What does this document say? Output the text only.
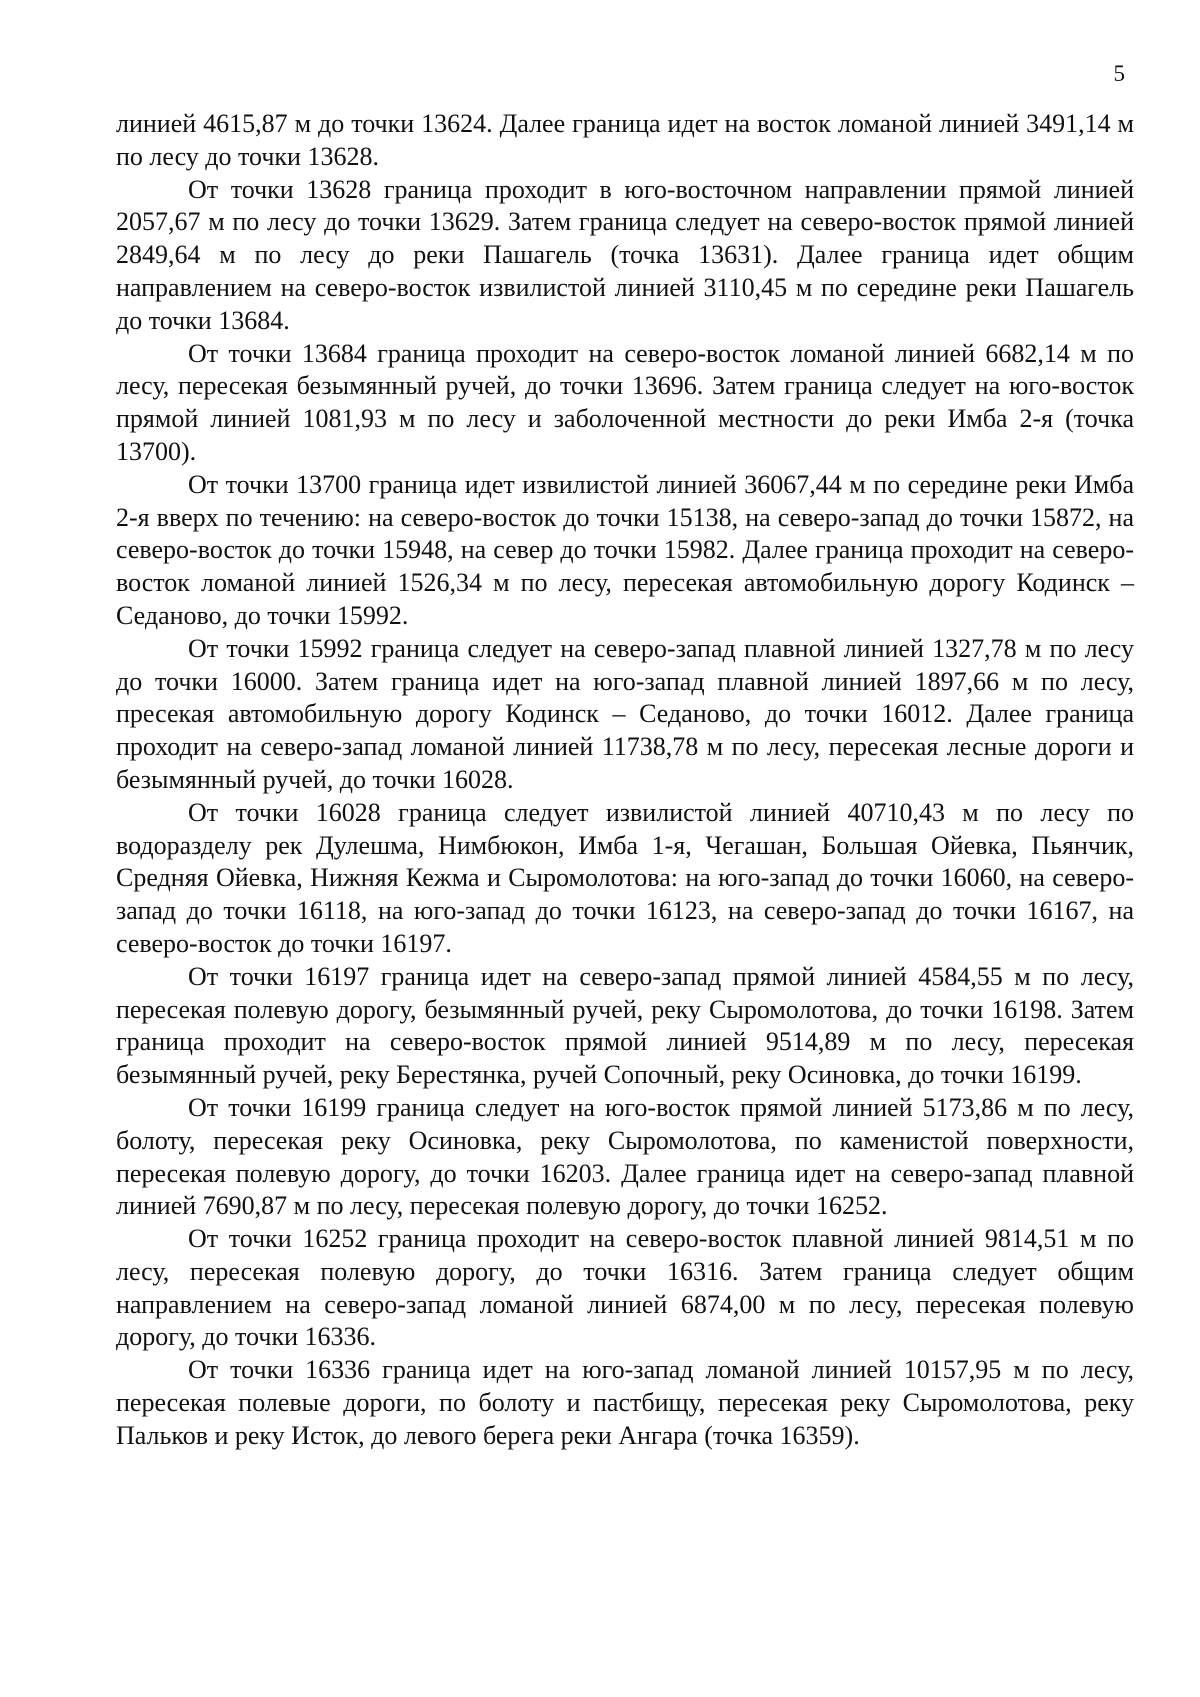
5

линией 4615,87 м до точки 13624. Далее граница идет на восток ломаной линией 3491,14 м по лесу до точки 13628.

От точки 13628 граница проходит в юго-восточном направлении прямой линией 2057,67 м по лесу до точки 13629. Затем граница следует на северо-восток прямой линией 2849,64 м по лесу до реки Пашагель (точка 13631). Далее граница идет общим направлением на северо-восток извилистой линией 3110,45 м по середине реки Пашагель до точки 13684.

От точки 13684 граница проходит на северо-восток ломаной линией 6682,14 м по лесу, пересекая безымянный ручей, до точки 13696. Затем граница следует на юго-восток прямой линией 1081,93 м по лесу и заболоченной местности до реки Имба 2-я (точка 13700).

От точки 13700 граница идет извилистой линией 36067,44 м по середине реки Имба 2-я вверх по течению: на северо-восток до точки 15138, на северо-запад до точки 15872, на северо-восток до точки 15948, на север до точки 15982. Далее граница проходит на северо-восток ломаной линией 1526,34 м по лесу, пересекая автомобильную дорогу Кодинск – Седаново, до точки 15992.

От точки 15992 граница следует на северо-запад плавной линией 1327,78 м по лесу до точки 16000. Затем граница идет на юго-запад плавной линией 1897,66 м по лесу, пресекая автомобильную дорогу Кодинск – Седаново, до точки 16012. Далее граница проходит на северо-запад ломаной линией 11738,78 м по лесу, пересекая лесные дороги и безымянный ручей, до точки 16028.

От точки 16028 граница следует извилистой линией 40710,43 м по лесу по водоразделу рек Дулешма, Нимбюкон, Имба 1-я, Чегашан, Большая Ойевка, Пьянчик, Средняя Ойевка, Нижняя Кежма и Сыромолотова: на юго-запад до точки 16060, на северо-запад до точки 16118, на юго-запад до точки 16123, на северо-запад до точки 16167, на северо-восток до точки 16197.

От точки 16197 граница идет на северо-запад прямой линией 4584,55 м по лесу, пересекая полевую дорогу, безымянный ручей, реку Сыромолотова, до точки 16198. Затем граница проходит на северо-восток прямой линией 9514,89 м по лесу, пересекая безымянный ручей, реку Берестянка, ручей Сопочный, реку Осиновка, до точки 16199.

От точки 16199 граница следует на юго-восток прямой линией 5173,86 м по лесу, болоту, пересекая реку Осиновка, реку Сыромолотова, по каменистой поверхности, пересекая полевую дорогу, до точки 16203. Далее граница идет на северо-запад плавной линией 7690,87 м по лесу, пересекая полевую дорогу, до точки 16252.

От точки 16252 граница проходит на северо-восток плавной линией 9814,51 м по лесу, пересекая полевую дорогу, до точки 16316. Затем граница следует общим направлением на северо-запад ломаной линией 6874,00 м по лесу, пересекая полевую дорогу, до точки 16336.

От точки 16336 граница идет на юго-запад ломаной линией 10157,95 м по лесу, пересекая полевые дороги, по болоту и пастбищу, пересекая реку Сыромолотова, реку Пальков и реку Исток, до левого берега реки Ангара (точка 16359).
